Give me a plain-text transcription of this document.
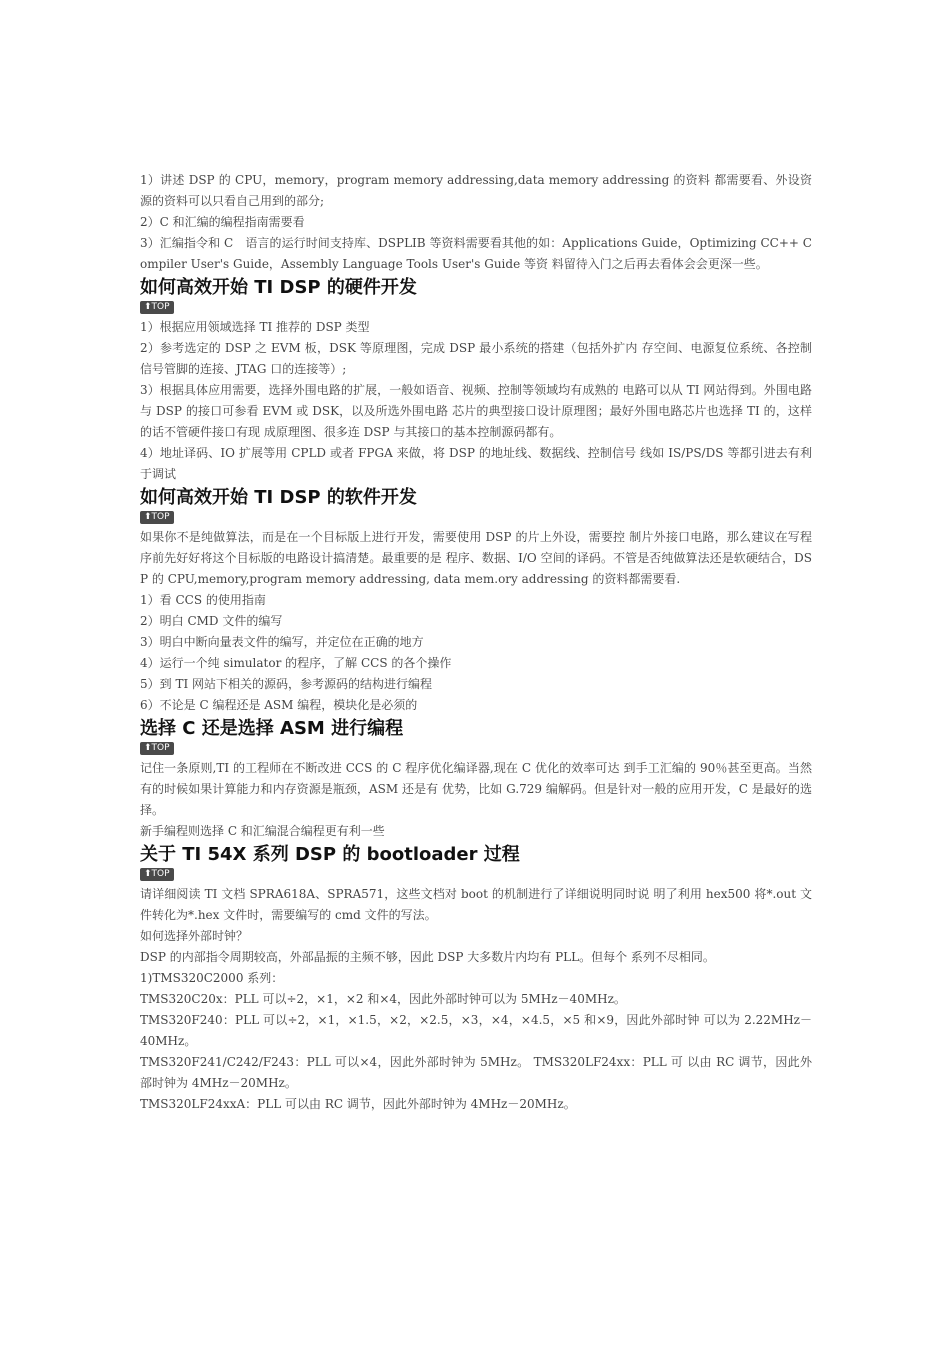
1）讲述 DSP 的 CPU，memory，program memory addressing,data memory addressing 的资料 都需要看、外设资源的资料可以只看自己用到的部分;

2）C 和汇编的编程指南需要看

3）汇编指令和 C　语言的运行时间支持库、DSPLIB 等资料需要看其他的如：Applications Guide，Optimizing CC++ Compiler User's Guide，Assembly Language Tools User's Guide 等资 料留待入门之后再去看体会会更深一些。

如何高效开始 TI DSP 的硬件开发
⬆TOP

1）根据应用领域选择 TI 推荐的 DSP 类型

2）参考选定的 DSP 之 EVM 板，DSK 等原理图，完成 DSP 最小系统的搭建（包括外扩内 存空间、电源复位系统、各控制信号管脚的连接、JTAG 口的连接等）;

3）根据具体应用需要，选择外围电路的扩展，一般如语音、视频、控制等领域均有成熟的 电路可以从 TI 网站得到。外围电路与 DSP 的接口可参看 EVM 或 DSK，以及所选外围电路 芯片的典型接口设计原理图；最好外围电路芯片也选择 TI 的，这样的话不管硬件接口有现 成原理图、很多连 DSP 与其接口的基本控制源码都有。

4）地址译码、IO 扩展等用 CPLD 或者 FPGA 来做，将 DSP 的地址线、数据线、控制信号 线如 IS/PS/DS 等都引进去有利于调试

如何高效开始 TI DSP 的软件开发
⬆TOP

如果你不是纯做算法，而是在一个目标版上进行开发，需要使用 DSP 的片上外设，需要控 制片外接口电路，那么建议在写程序前先好好将这个目标版的电路设计搞清楚。最重要的是 程序、数据、I/O 空间的译码。不管是否纯做算法还是软硬结合，DSP 的 CPU,memory,program memory addressing, data mem.ory addressing 的资料都需要看.

1）看 CCS 的使用指南

2）明白 CMD 文件的编写

3）明白中断向量表文件的编写，并定位在正确的地方

4）运行一个纯 simulator 的程序，了解 CCS 的各个操作

5）到 TI 网站下相关的源码，参考源码的结构进行编程

6）不论是 C 编程还是 ASM 编程，模块化是必须的

选择 C 还是选择 ASM 进行编程
⬆TOP

记住一条原则,TI 的工程师在不断改进 CCS 的 C 程序优化编译器,现在 C 优化的效率可达 到手工汇编的 90％甚至更高。当然有的时候如果计算能力和内存资源是瓶颈，ASM 还是有 优势，比如 G.729 编解码。但是针对一般的应用开发，C 是最好的选择。

新手编程则选择 C 和汇编混合编程更有利一些

关于 TI 54X 系列 DSP 的 bootloader 过程
⬆TOP

请详细阅读 TI 文档 SPRA618A、SPRA571，这些文档对 boot 的机制进行了详细说明同时说 明了利用 hex500 将*.out 文件转化为*.hex 文件时，需要编写的 cmd 文件的写法。

如何选择外部时钟？

DSP 的内部指令周期较高，外部晶振的主频不够，因此 DSP 大多数片内均有 PLL。但每个 系列不尽相同。

1)TMS320C2000 系列：

TMS320C20x：PLL 可以÷2，×1，×2 和×4，因此外部时钟可以为 5MHz－40MHz。

TMS320F240：PLL 可以÷2，×1，×1.5，×2，×2.5，×3，×4，×4.5，×5 和×9，因此外部时钟 可以为 2.22MHz－40MHz。

TMS320F241/C242/F243：PLL 可以×4，因此外部时钟为 5MHz。 TMS320LF24xx：PLL 可 以由 RC 调节，因此外部时钟为 4MHz－20MHz。

TMS320LF24xxA：PLL 可以由 RC 调节，因此外部时钟为 4MHz－20MHz。
